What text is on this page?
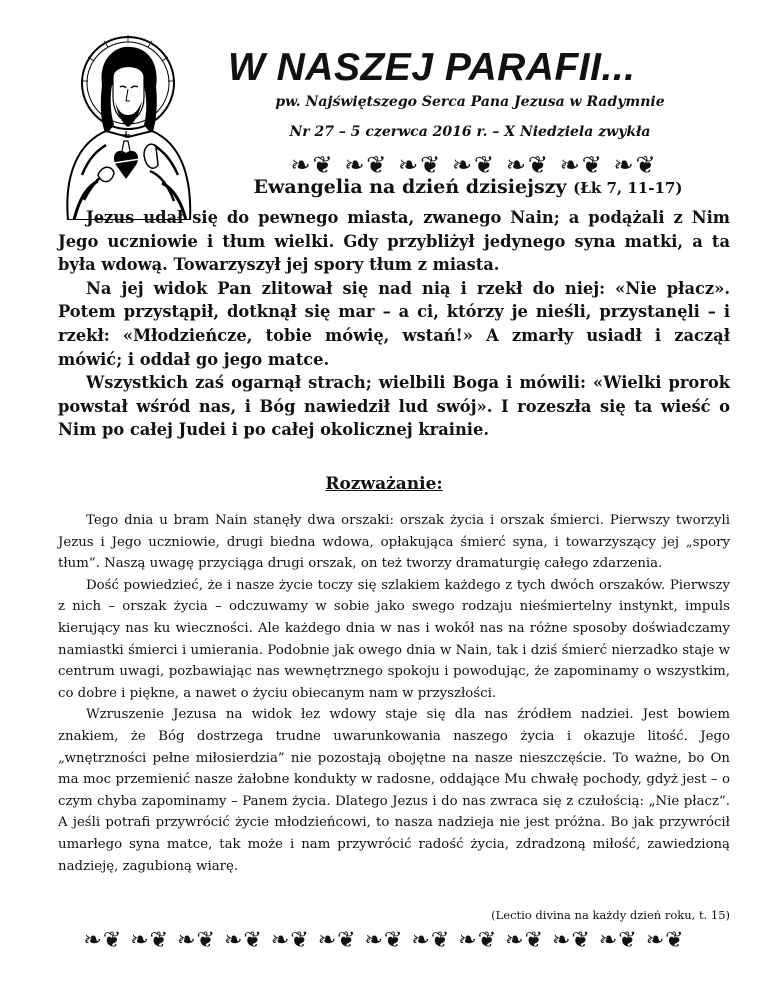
W NASZEJ PARAFII...

pw. Najświętszego Serca Pana Jezusa w Radymnie

Nr 27 – 5 czerwca 2016 r. – X Niedziela zwykła

❧❦ ❧❦ ❧❦ ❧❦ ❧❦ ❧❦ ❧❦
Ewangelia na dzień dzisiejszy (Łk 7, 11-17)

Jezus udał się do pewnego miasta, zwanego Nain; a podążali z Nim Jego uczniowie i tłum wielki. Gdy przybliżył jedynego syna matki, a ta była wdową. Towarzyszył jej spory tłum z miasta.

Na jej widok Pan zlitował się nad nią i rzekł do niej: «Nie płacz». Potem przystąpił, dotknął się mar – a ci, którzy je nieśli, przystanęli – i rzekł: «Młodzieńcze, tobie mówię, wstań!» A zmarły usiadł i zaczął mówić; i oddał go jego matce.

Wszystkich zaś ogarnął strach; wielbili Boga i mówili: «Wielki prorok powstał wśród nas, i Bóg nawiedził lud swój». I rozeszła się ta wieść o Nim po całej Judei i po całej okolicznej krainie.

Rozważanie:

Tego dnia u bram Nain stanęły dwa orszaki: orszak życia i orszak śmierci. Pierwszy tworzyli Jezus i Jego uczniowie, drugi biedna wdowa, opłakująca śmierć syna, i towarzyszący jej „spory tłum”. Naszą uwagę przyciąga drugi orszak, on też tworzy dramaturgię całego zdarzenia.

Dość powiedzieć, że i nasze życie toczy się szlakiem każdego z tych dwóch orszaków. Pierwszy z nich – orszak życia – odczuwamy w sobie jako swego rodzaju nieśmiertelny instynkt, impuls kierujący nas ku wieczności. Ale każdego dnia w nas i wokół nas na różne sposoby doświadczamy namiastki śmierci i umierania. Podobnie jak owego dnia w Nain, tak i dziś śmierć nierzadko staje w centrum uwagi, pozbawiając nas wewnętrznego spokoju i powodując, że zapominamy o wszystkim, co dobre i piękne, a nawet o życiu obiecanym nam w przyszłości.

Wzruszenie Jezusa na widok łez wdowy staje się dla nas źródłem nadziei. Jest bowiem znakiem, że Bóg dostrzega trudne uwarunkowania naszego życia i okazuje litość. Jego „wnętrzności pełne miłosierdzia” nie pozostają obojętne na nasze nieszczęście. To ważne, bo On ma moc przemienić nasze żałobne kondukty w radosne, oddające Mu chwałę pochody, gdyż jest – o czym chyba zapominamy – Panem życia. Dlatego Jezus i do nas zwraca się z czułością: „Nie płacz”. A jeśli potrafi przywrócić życie młodzieńcowi, to nasza nadzieja nie jest próżna. Bo jak przywrócił umarłego syna matce, tak może i nam przywrócić radość życia, zdradzoną miłość, zawiedzioną nadzieję, zagubioną wiarę.

(Lectio divina na każdy dzień roku, t. 15)
❧❦ ❧❦ ❧❦ ❧❦ ❧❦ ❧❦ ❧❦ ❧❦ ❧❦ ❧❦ ❧❦ ❧❦ ❧❦
